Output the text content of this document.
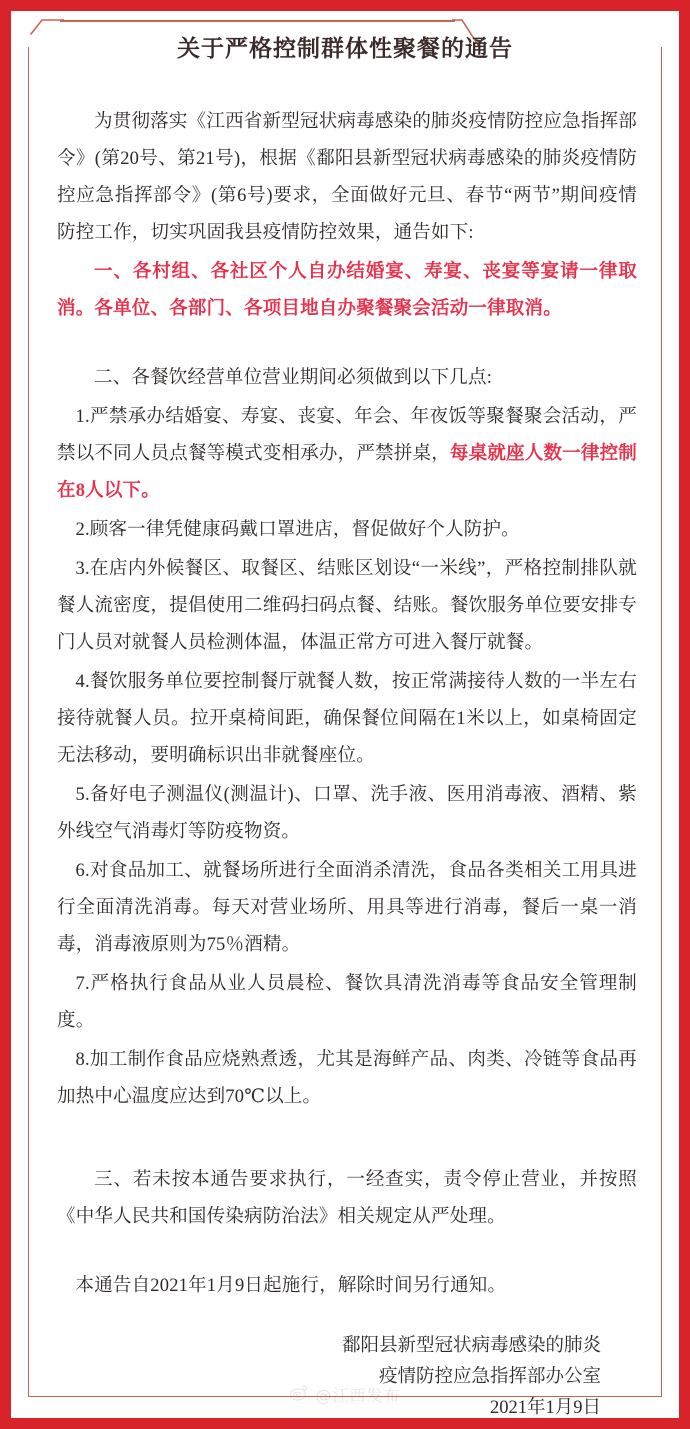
关于严格控制群体性聚餐的通告

为贯彻落实《江西省新型冠状病毒感染的肺炎疫情防控应急指挥部令》(第20号、第21号)，根据《鄱阳县新型冠状病毒感染的肺炎疫情防控应急指挥部令》(第6号)要求，全面做好元旦、春节“两节”期间疫情防控工作，切实巩固我县疫情防控效果，通告如下:

一、各村组、各社区个人自办结婚宴、寿宴、丧宴等宴请一律取消。各单位、各部门、各项目地自办聚餐聚会活动一律取消。

二、各餐饮经营单位营业期间必须做到以下几点:

1.严禁承办结婚宴、寿宴、丧宴、年会、年夜饭等聚餐聚会活动，严禁以不同人员点餐等模式变相承办，严禁拼桌，每桌就座人数一律控制在8人以下。

2.顾客一律凭健康码戴口罩进店，督促做好个人防护。

3.在店内外候餐区、取餐区、结账区划设“一米线”，严格控制排队就餐人流密度，提倡使用二维码扫码点餐、结账。餐饮服务单位要安排专门人员对就餐人员检测体温，体温正常方可进入餐厅就餐。

4.餐饮服务单位要控制餐厅就餐人数，按正常满接待人数的一半左右接待就餐人员。拉开桌椅间距，确保餐位间隔在1米以上，如桌椅固定无法移动，要明确标识出非就餐座位。

5.备好电子测温仪(测温计)、口罩、洗手液、医用消毒液、酒精、紫外线空气消毒灯等防疫物资。

6.对食品加工、就餐场所进行全面消杀清洗，食品各类相关工用具进行全面清洗消毒。每天对营业场所、用具等进行消毒，餐后一桌一消毒，消毒液原则为75％酒精。

7.严格执行食品从业人员晨检、餐饮具清洗消毒等食品安全管理制度。

8.加工制作食品应烧熟煮透，尤其是海鲜产品、肉类、冷链等食品再加热中心温度应达到70℃以上。

三、若未按本通告要求执行，一经查实，责令停止营业，并按照《中华人民共和国传染病防治法》相关规定从严处理。

本通告自2021年1月9日起施行，解除时间另行通知。

鄱阳县新型冠状病毒感染的肺炎
疫情防控应急指挥部办公室
2021年1月9日
@江西发布
